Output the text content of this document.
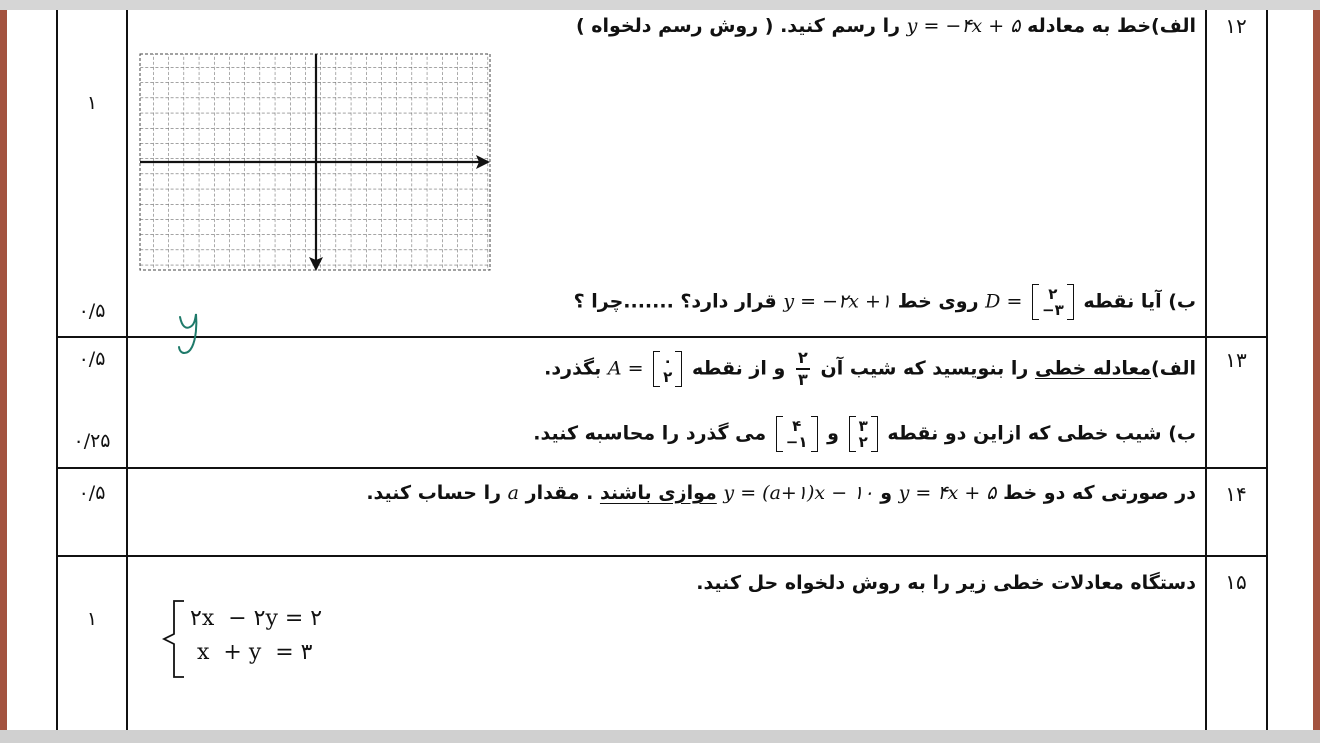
۱۲
۱
۰/۵
الف)خط به معادله y = −۴x + ۵ را رسم کنید. ( روش رسم دلخواه )
ب) آیا نقطه
۲
−۳
D = روی خط y = −۲x +۱ قرار دارد؟ .......چرا ؟
y
۱۳
۰/۵
۰/۲۵
الف)معادله خطی را بنویسید که شیب آن
$\frac{۲}{۳}$
و از نقطه
۰
۲
A = بگذرد.
ب) شیب خطی که ازاین دو نقطه
۳
۲
و
۴
−۱
می گذرد را محاسبه کنید.
۱۴
۰/۵	در صورتی که دو خط y = ۴x + ۵ و y = (a+۱)x − ۱۰ موازی باشند . مقدار a را حساب کنید.
۱۵
۱
دستگاه معادلات خطی زیر را به روش دلخواه حل کنید.
۲x  − ۲y = ۲
x  + y  = ۳
